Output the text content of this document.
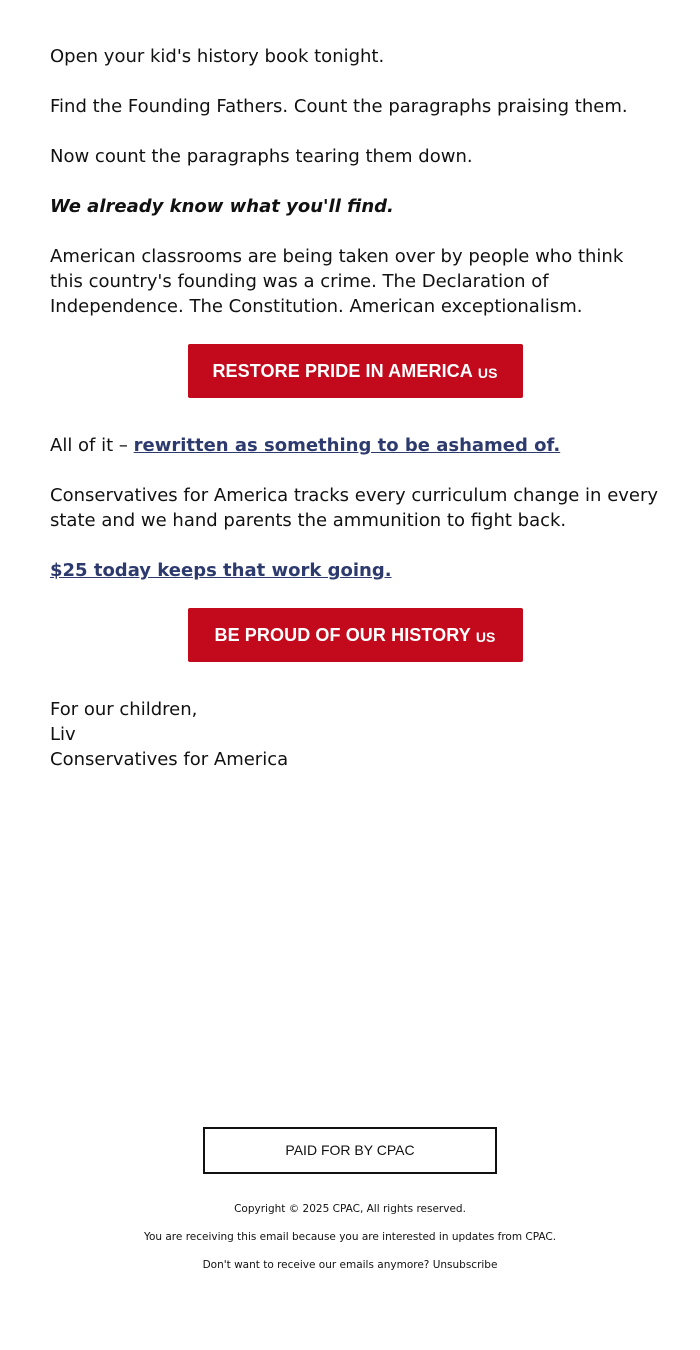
Open your kid's history book tonight.

Find the Founding Fathers. Count the paragraphs praising them.

Now count the paragraphs tearing them down.

We already know what you'll find.

American classrooms are being taken over by people who think this country's founding was a crime. The Declaration of Independence. The Constitution. American exceptionalism.

RESTORE PRIDE IN AMERICA US

All of it – rewritten as something to be ashamed of.

Conservatives for America tracks every curriculum change in every state and we hand parents the ammunition to fight back.

$25 today keeps that work going.

BE PROUD OF OUR HISTORY US
For our children,
Liv
Conservatives for America
PAID FOR BY CPAC

Copyright © 2025 CPAC, All rights reserved.

You are receiving this email because you are interested in updates from CPAC.

Don't want to receive our emails anymore? Unsubscribe
